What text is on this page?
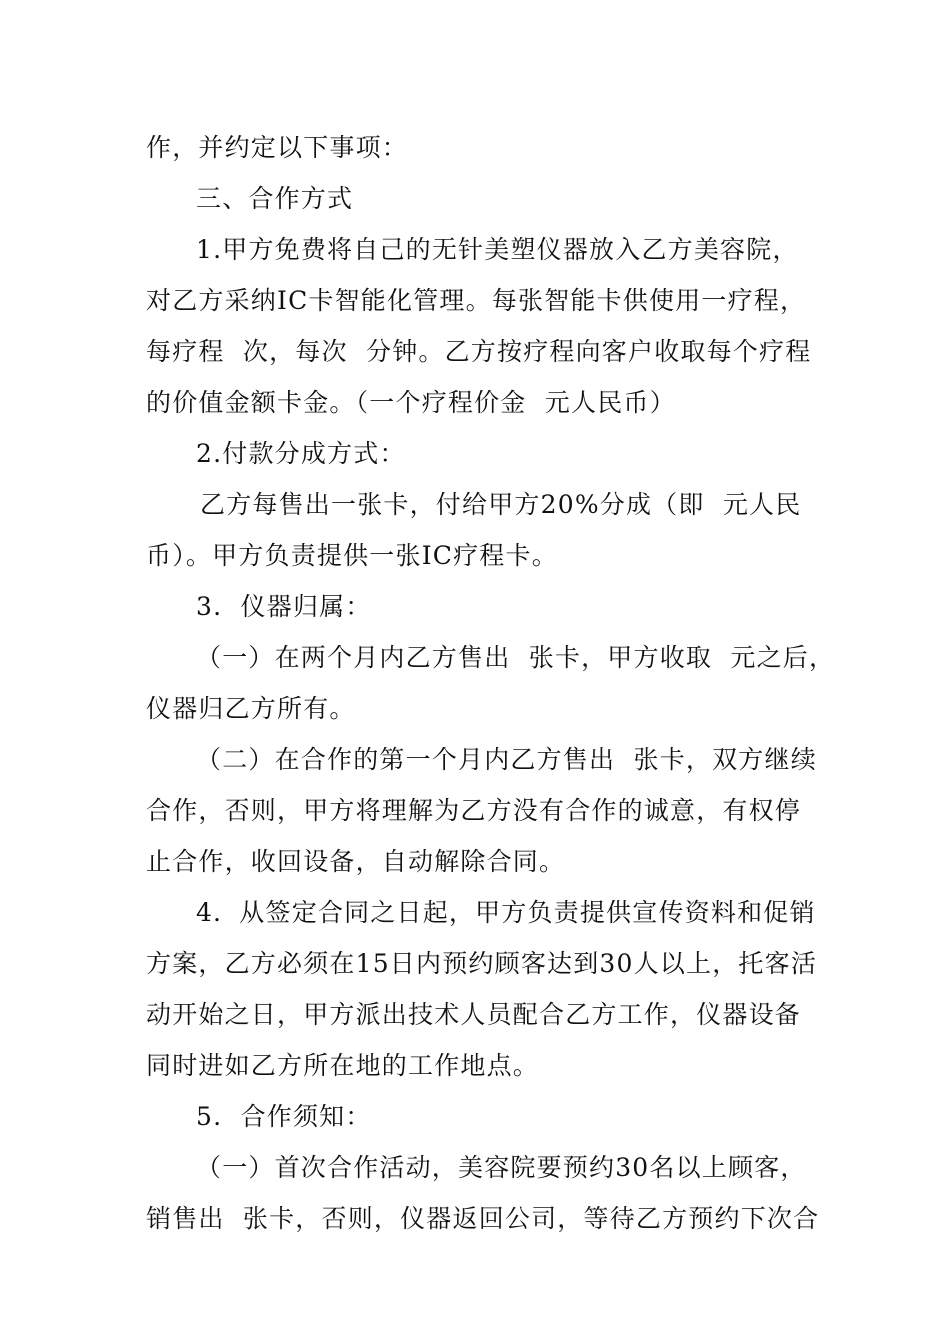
作，并约定以下事项：
三、合作方式
1.甲方免费将自己的无针美塑仪器放入乙方美容院，
对乙方采纳IC卡智能化管理。每张智能卡供使用一疗程，
每疗程  次，每次  分钟。乙方按疗程向客户收取每个疗程
的价值金额卡金。（一个疗程价金  元人民币）
2.付款分成方式：
乙方每售出一张卡，付给甲方20%分成（即  元人民
币）。甲方负责提供一张IC疗程卡。
3.  仪器归属：
（一）在两个月内乙方售出  张卡，甲方收取  元之后，
仪器归乙方所有。
（二）在合作的第一个月内乙方售出  张卡，双方继续
合作，否则，甲方将理解为乙方没有合作的诚意，有权停
止合作，收回设备，自动解除合同。
4．从签定合同之日起，甲方负责提供宣传资料和促销
方案，乙方必须在15日内预约顾客达到30人以上，托客活
动开始之日，甲方派出技术人员配合乙方工作，仪器设备
同时进如乙方所在地的工作地点。
5.  合作须知：
（一）首次合作活动，美容院要预约30名以上顾客，
销售出  张卡，否则，仪器返回公司，等待乙方预约下次合
